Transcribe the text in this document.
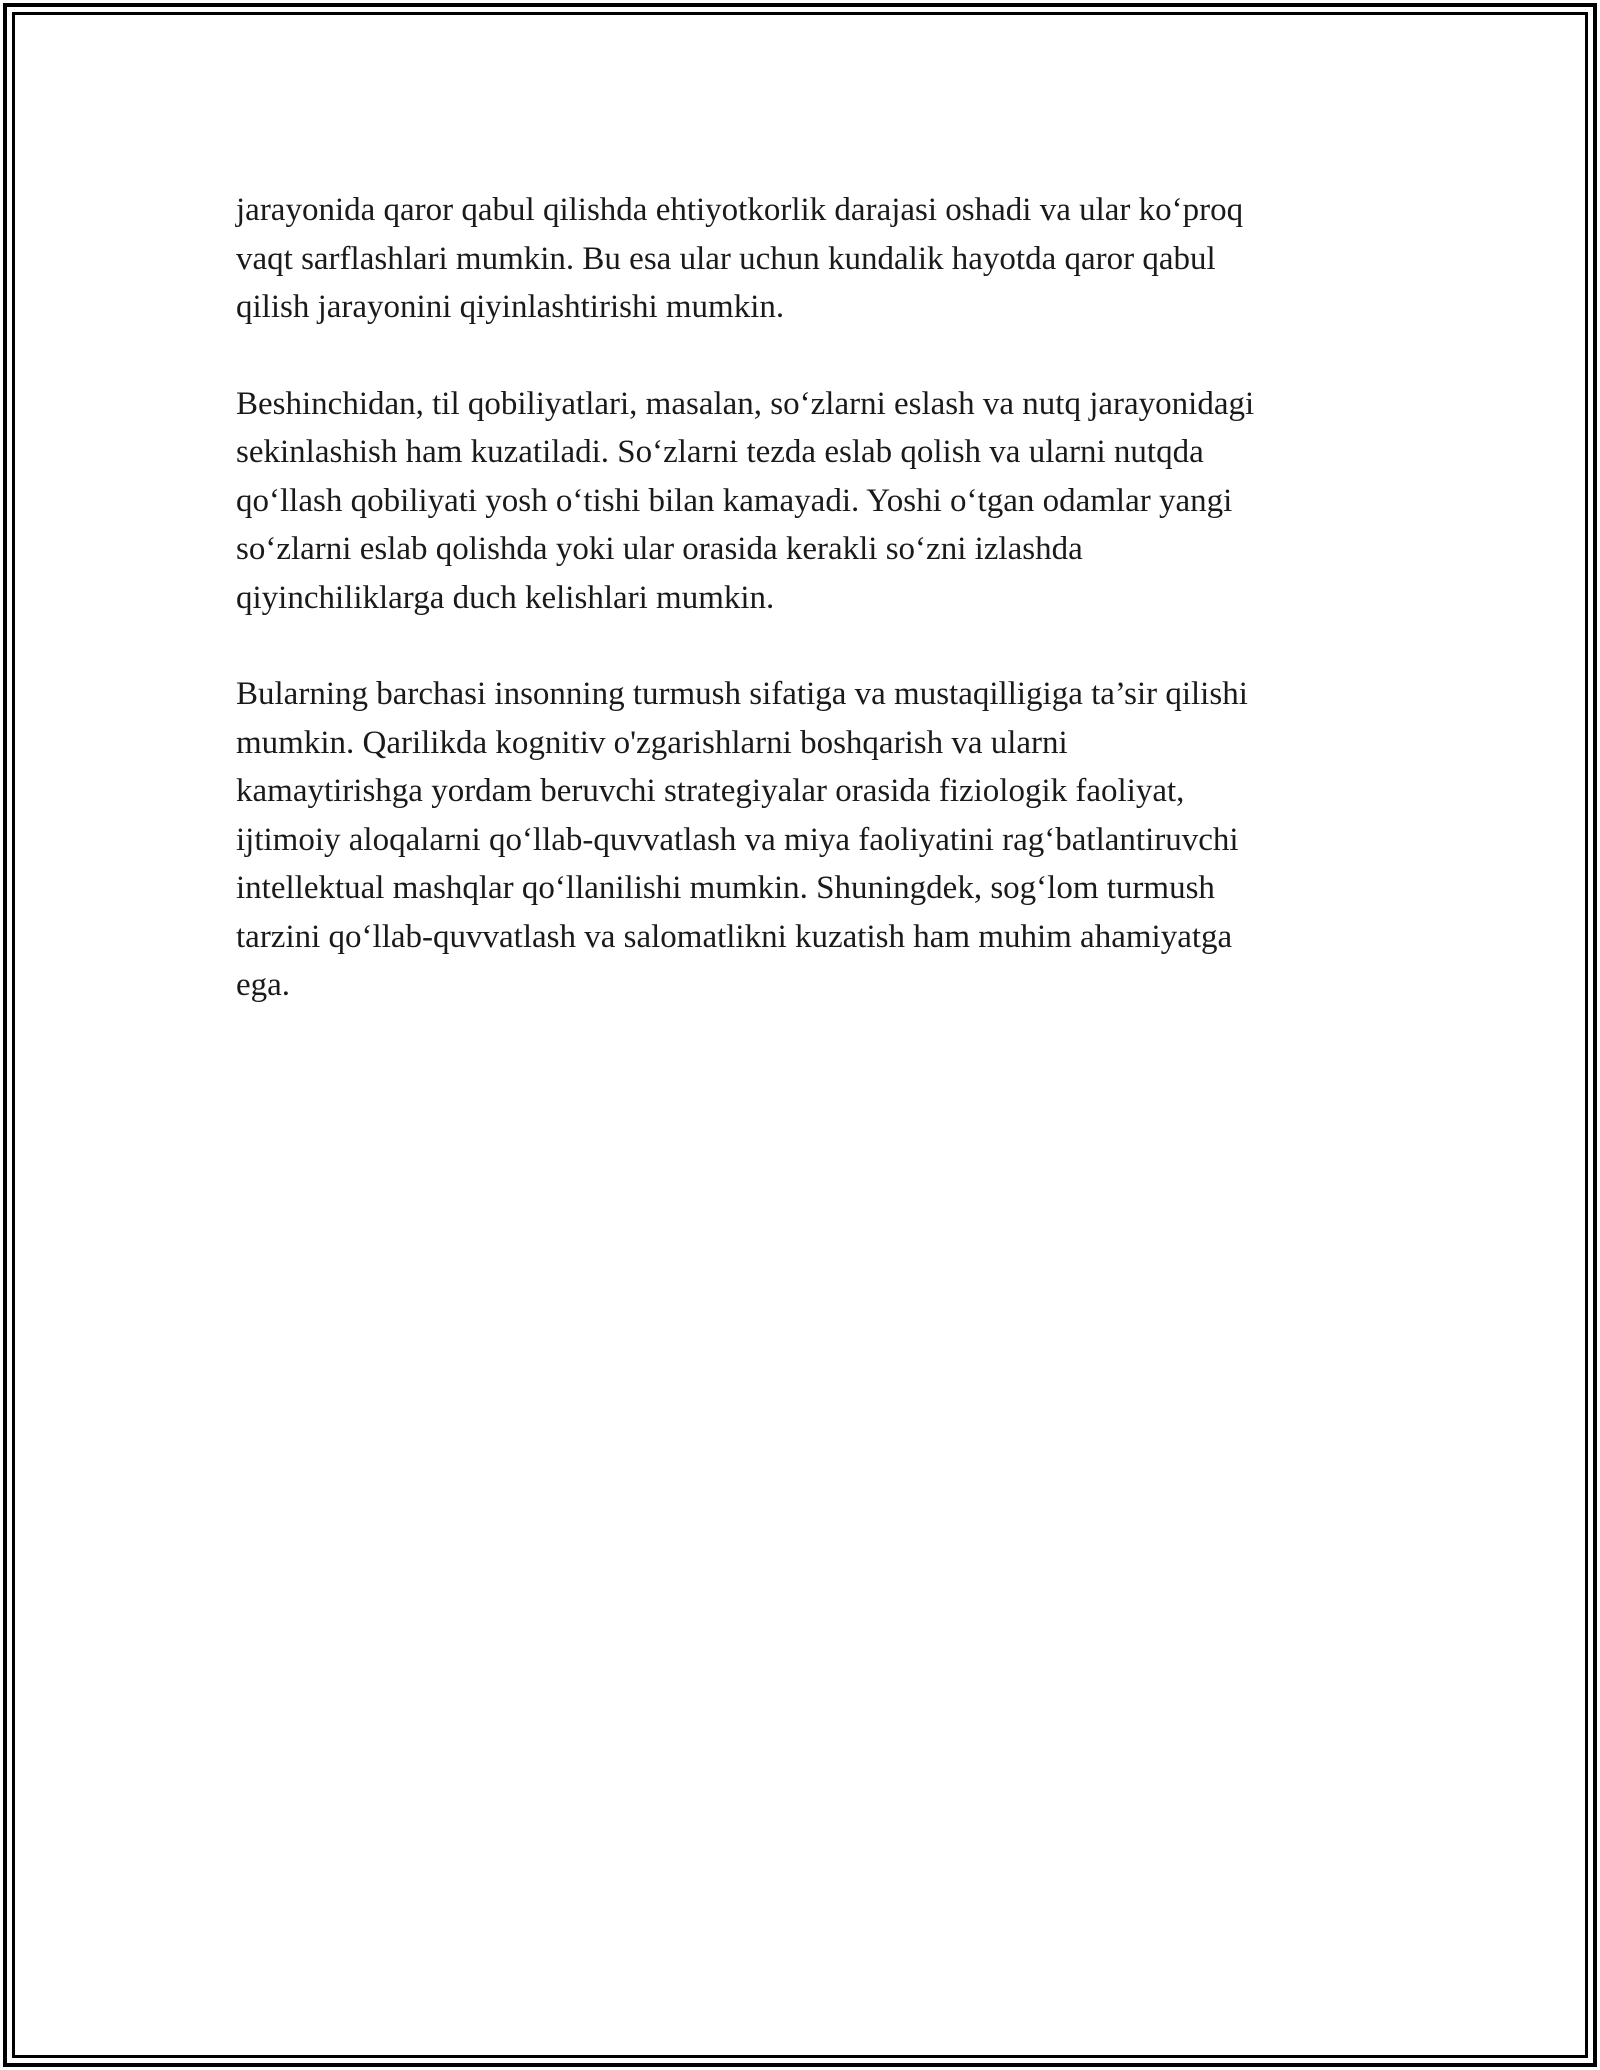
jarayonida qaror qabul qilishda ehtiyotkorlik darajasi oshadi va ular ko‘proq
vaqt sarflashlari mumkin. Bu esa ular uchun kundalik hayotda qaror qabul
qilish jarayonini qiyinlashtirishi mumkin.

Beshinchidan, til qobiliyatlari, masalan, so‘zlarni eslash va nutq jarayonidagi
sekinlashish ham kuzatiladi. So‘zlarni tezda eslab qolish va ularni nutqda
qo‘llash qobiliyati yosh o‘tishi bilan kamayadi. Yoshi o‘tgan odamlar yangi
so‘zlarni eslab qolishda yoki ular orasida kerakli so‘zni izlashda
qiyinchiliklarga duch kelishlari mumkin.

Bularning barchasi insonning turmush sifatiga va mustaqilligiga ta’sir qilishi
mumkin. Qarilikda kognitiv o'zgarishlarni boshqarish va ularni
kamaytirishga yordam beruvchi strategiyalar orasida fiziologik faoliyat,
ijtimoiy aloqalarni qo‘llab-quvvatlash va miya faoliyatini rag‘batlantiruvchi
intellektual mashqlar qo‘llanilishi mumkin. Shuningdek, sog‘lom turmush
tarzini qo‘llab-quvvatlash va salomatlikni kuzatish ham muhim ahamiyatga
ega.
